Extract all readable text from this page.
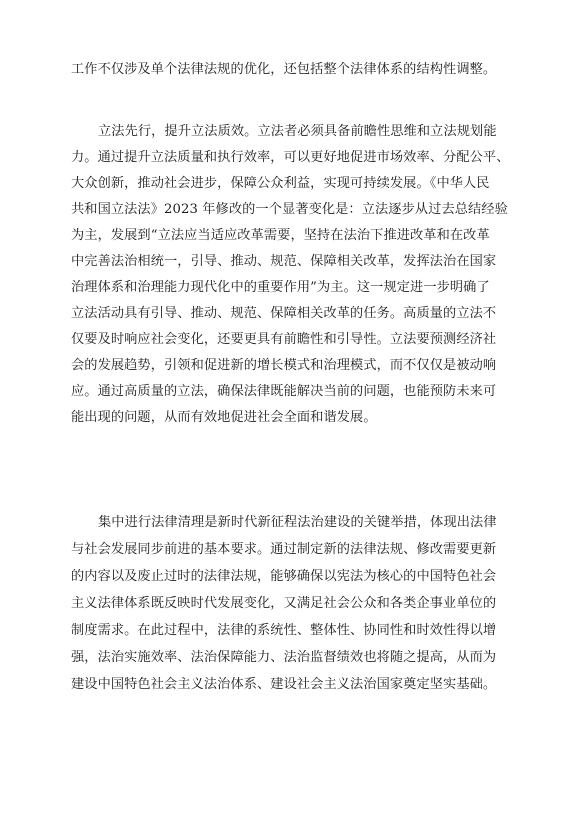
工作不仅涉及单个法律法规的优化，还包括整个法律体系的结构性调整。
立法先行，提升立法质效。立法者必须具备前瞻性思维和立法规划能
力。通过提升立法质量和执行效率，可以更好地促进市场效率、分配公平、
大众创新，推动社会进步，保障公众利益，实现可持续发展。《中华人民
共和国立法法》2023 年修改的一个显著变化是：立法逐步从过去总结经验
为主，发展到“立法应当适应改革需要，坚持在法治下推进改革和在改革
中完善法治相统一，引导、推动、规范、保障相关改革，发挥法治在国家
治理体系和治理能力现代化中的重要作用”为主。这一规定进一步明确了
立法活动具有引导、推动、规范、保障相关改革的任务。高质量的立法不
仅要及时响应社会变化，还要更具有前瞻性和引导性。立法要预测经济社
会的发展趋势，引领和促进新的增长模式和治理模式，而不仅仅是被动响
应。通过高质量的立法，确保法律既能解决当前的问题，也能预防未来可
能出现的问题，从而有效地促进社会全面和谐发展。
集中进行法律清理是新时代新征程法治建设的关键举措，体现出法律
与社会发展同步前进的基本要求。通过制定新的法律法规、修改需要更新
的内容以及废止过时的法律法规，能够确保以宪法为核心的中国特色社会
主义法律体系既反映时代发展变化，又满足社会公众和各类企事业单位的
制度需求。在此过程中，法律的系统性、整体性、协同性和时效性得以增
强，法治实施效率、法治保障能力、法治监督绩效也将随之提高，从而为
建设中国特色社会主义法治体系、建设社会主义法治国家奠定坚实基础。
